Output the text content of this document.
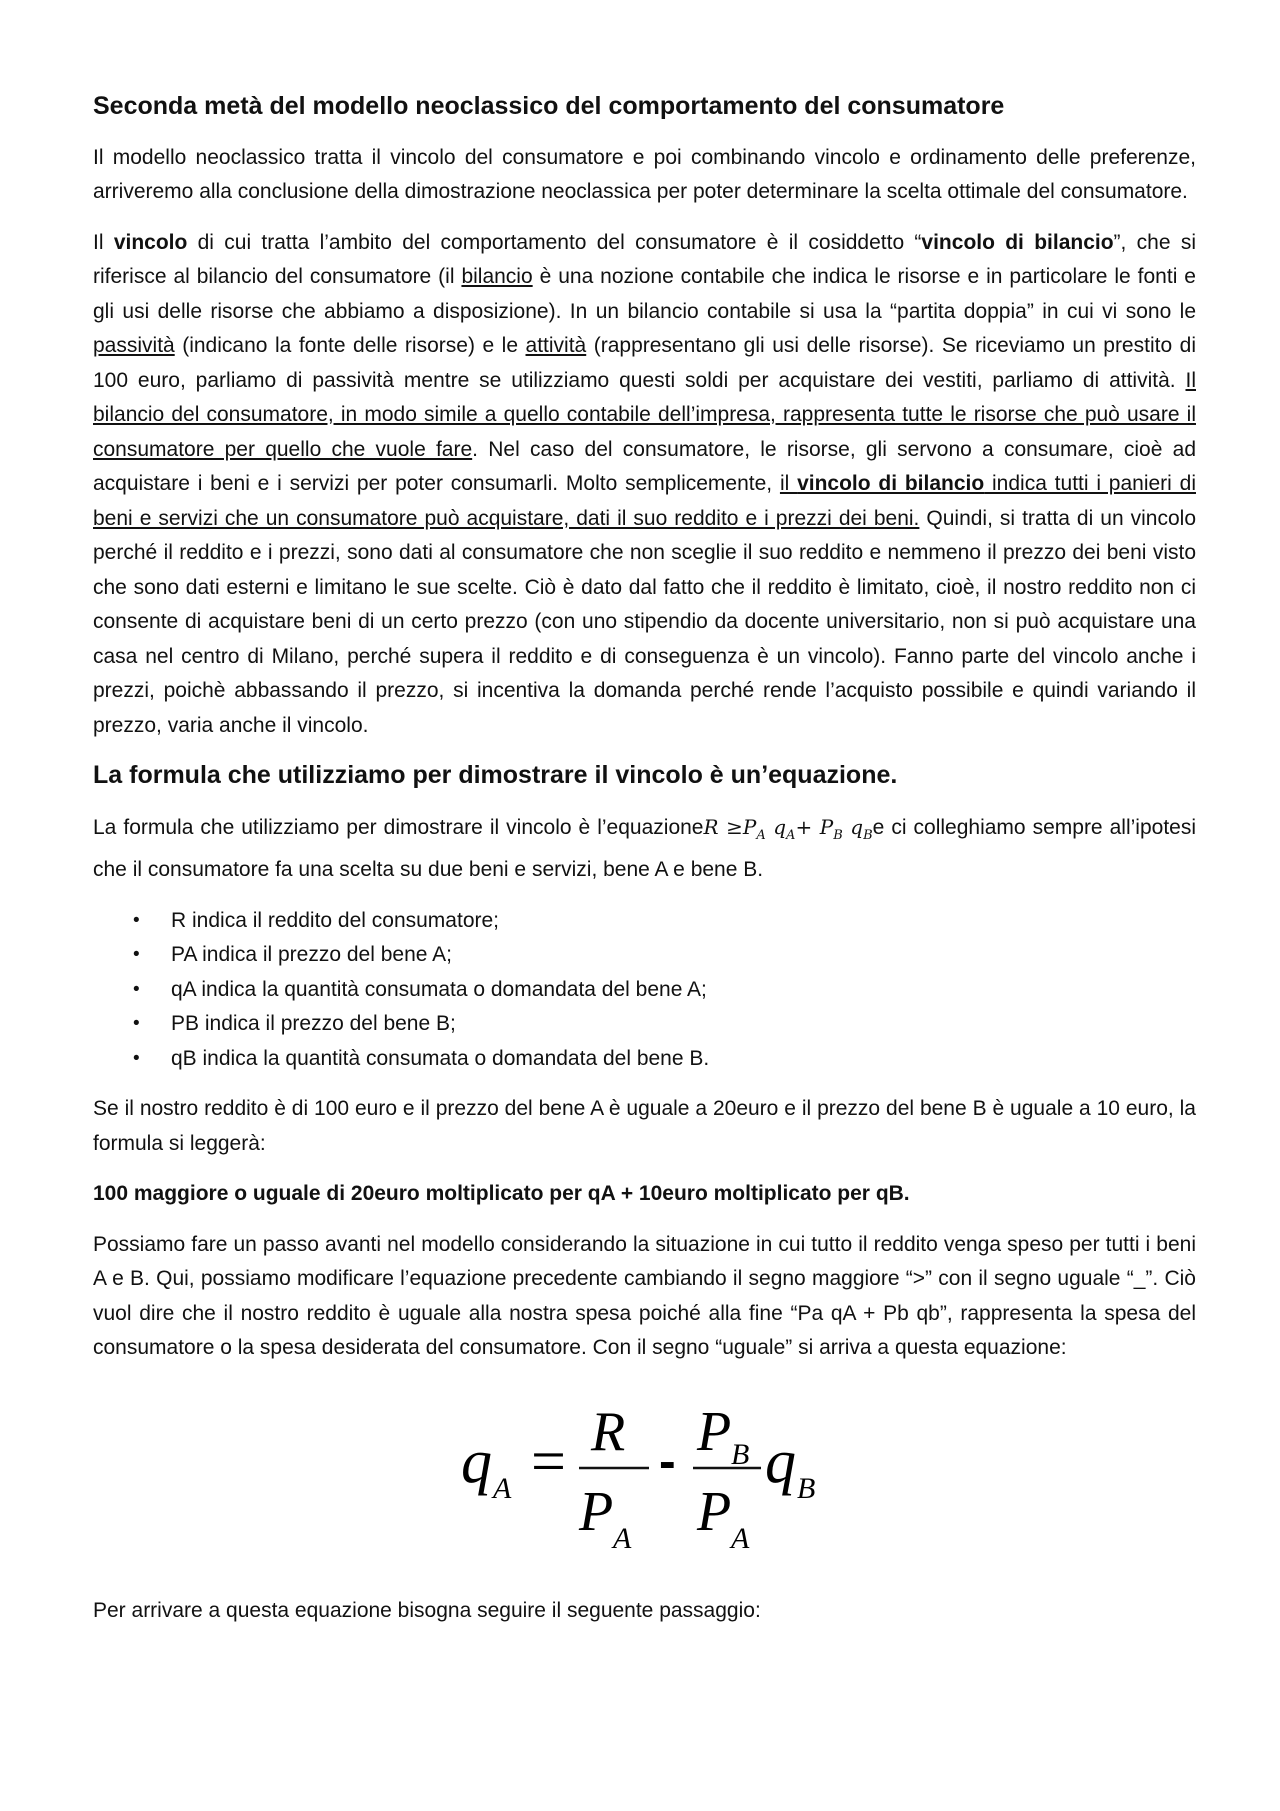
Seconda metà del modello neoclassico del comportamento del consumatore

Il modello neoclassico tratta il vincolo del consumatore e poi combinando vincolo e ordinamento delle preferenze, arriveremo alla conclusione della dimostrazione neoclassica per poter determinare la scelta ottimale del consumatore.

Il vincolo di cui tratta l’ambito del comportamento del consumatore è il cosiddetto “vincolo di bilancio”, che si riferisce al bilancio del consumatore (il bilancio è una nozione contabile che indica le risorse e in particolare le fonti e gli usi delle risorse che abbiamo a disposizione). In un bilancio contabile si usa la “partita doppia” in cui vi sono le passività (indicano la fonte delle risorse) e le attività (rappresentano gli usi delle risorse). Se riceviamo un prestito di 100 euro, parliamo di passività mentre se utilizziamo questi soldi per acquistare dei vestiti, parliamo di attività. Il bilancio del consumatore, in modo simile a quello contabile dell’impresa, rappresenta tutte le risorse che può usare il consumatore per quello che vuole fare. Nel caso del consumatore, le risorse, gli servono a consumare, cioè ad acquistare i beni e i servizi per poter consumarli. Molto semplicemente, il vincolo di bilancio indica tutti i panieri di beni e servizi che un consumatore può acquistare, dati il suo reddito e i prezzi dei beni. Quindi, si tratta di un vincolo perché il reddito e i prezzi, sono dati al consumatore che non sceglie il suo reddito e nemmeno il prezzo dei beni visto che sono dati esterni e limitano le sue scelte. Ciò è dato dal fatto che il reddito è limitato, cioè, il nostro reddito non ci consente di acquistare beni di un certo prezzo (con uno stipendio da docente universitario, non si può acquistare una casa nel centro di Milano, perché supera il reddito e di conseguenza è un vincolo). Fanno parte del vincolo anche i prezzi, poichè abbassando il prezzo, si incentiva la domanda perché rende l’acquisto possibile e quindi variando il prezzo, varia anche il vincolo.

La formula che utilizziamo per dimostrare il vincolo è un’equazione.

La formula che utilizziamo per dimostrare il vincolo è l’equazioneR $\ge P_A$ $q_A+ P_B$ $q_Be$ ci colleghiamo sempre all’ipotesi che il consumatore fa una scelta su due beni e servizi, bene A e bene B.

• R indica il reddito del consumatore;
• PA indica il prezzo del bene A;
• qA indica la quantità consumata o domandata del bene A;
• PB indica il prezzo del bene B;
• qB indica la quantità consumata o domandata del bene B.

Se il nostro reddito è di 100 euro e il prezzo del bene A è uguale a 20euro e il prezzo del bene B è uguale a 10 euro, la formula si leggerà:

100 maggiore o uguale di 20euro moltiplicato per qA + 10euro moltiplicato per qB.

Possiamo fare un passo avanti nel modello considerando la situazione in cui tutto il reddito venga speso per tutti i beni A e B. Qui, possiamo modificare l’equazione precedente cambiando il segno maggiore “>” con il segno uguale “_”. Ciò vuol dire che il nostro reddito è uguale alla nostra spesa poiché alla fine “Pa qA + Pb qb”, rappresenta la spesa del consumatore o la spesa desiderata del consumatore. Con il segno “uguale” si arriva a questa equazione:

q A = R
P A
- P B
P A
q B

Per arrivare a questa equazione bisogna seguire il seguente passaggio:
